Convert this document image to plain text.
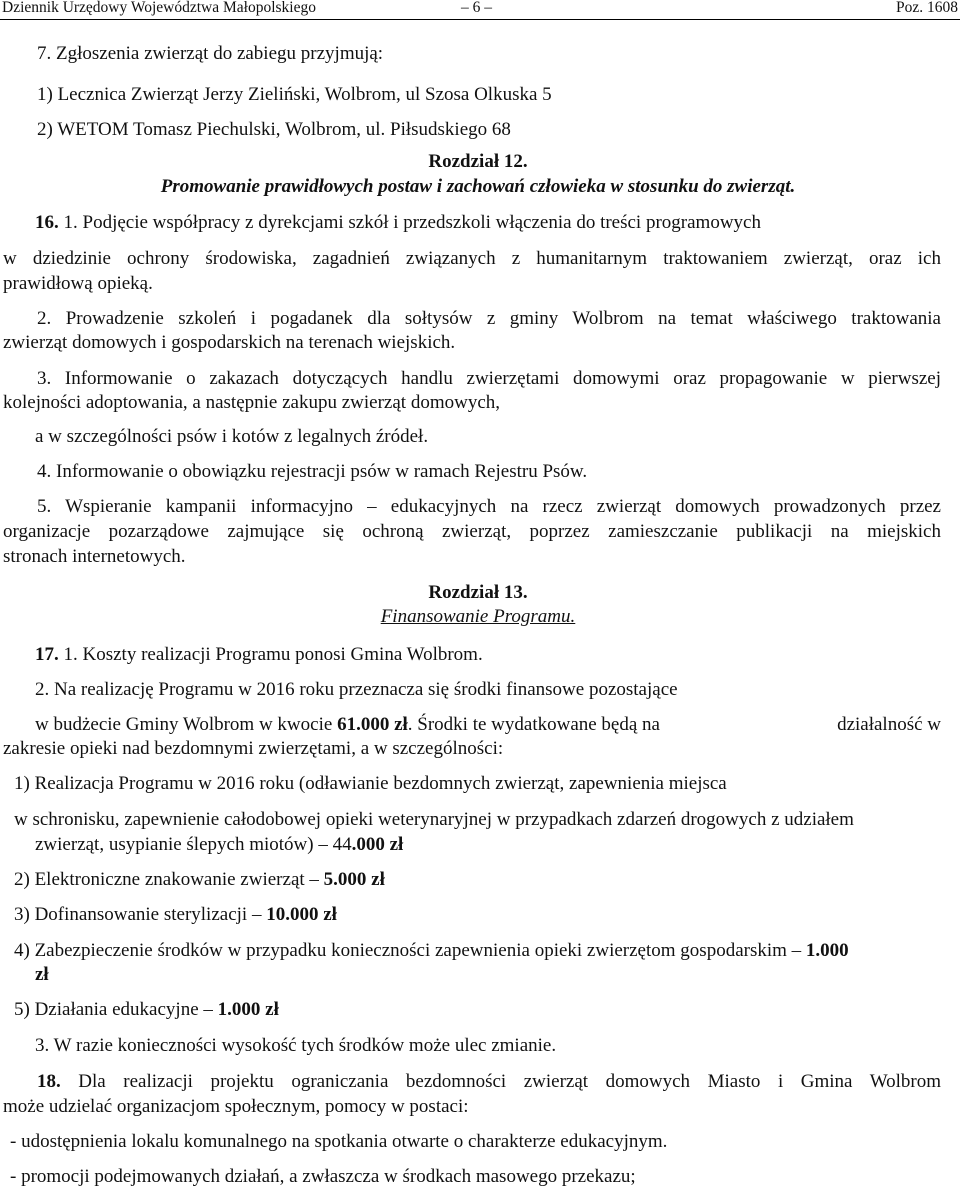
Dziennik Urzędowy Województwa Małopolskiego	– 6 –	Poz. 1608
7. Zgłoszenia zwierząt do zabiegu przyjmują:
1) Lecznica Zwierząt Jerzy Zieliński, Wolbrom, ul Szosa Olkuska 5
2) WETOM Tomasz Piechulski, Wolbrom, ul. Piłsudskiego 68
Rozdział 12.
Promowanie prawidłowych postaw i zachowań człowieka w stosunku do zwierząt.
16. 1. Podjęcie współpracy z dyrekcjami szkół i przedszkoli włączenia do treści programowych
w dziedzinie ochrony środowiska, zagadnień związanych z humanitarnym traktowaniem zwierząt, oraz ich
prawidłową opieką.
2. Prowadzenie szkoleń i pogadanek dla sołtysów z gminy Wolbrom na temat właściwego traktowania
zwierząt domowych i gospodarskich na terenach wiejskich.
3. Informowanie o zakazach dotyczących handlu zwierzętami domowymi oraz propagowanie w pierwszej
kolejności adoptowania, a następnie zakupu zwierząt domowych,
a w szczególności psów i kotów z legalnych źródeł.
4. Informowanie o obowiązku rejestracji psów w ramach Rejestru Psów.
5. Wspieranie kampanii informacyjno – edukacyjnych na rzecz zwierząt domowych prowadzonych przez
organizacje pozarządowe zajmujące się ochroną zwierząt, poprzez zamieszczanie publikacji na miejskich
stronach internetowych.
Rozdział 13.
Finansowanie Programu.
17. 1. Koszty realizacji Programu ponosi Gmina Wolbrom.
2. Na realizację Programu w 2016 roku przeznacza się środki finansowe pozostające
w budżecie Gminy Wolbrom w kwocie 61.000 zł. Środki te wydatkowane będą na	działalność w
zakresie opieki nad bezdomnymi zwierzętami, a w szczególności:
1) Realizacja Programu w 2016 roku (odławianie bezdomnych zwierząt, zapewnienia miejsca
w schronisku, zapewnienie całodobowej opieki weterynaryjnej w przypadkach zdarzeń drogowych z udziałem
zwierząt, usypianie ślepych miotów) – 44.000 zł
2) Elektroniczne znakowanie zwierząt – 5.000 zł
3) Dofinansowanie sterylizacji – 10.000 zł
4) Zabezpieczenie środków w przypadku konieczności zapewnienia opieki zwierzętom gospodarskim – 1.000
zł
5) Działania edukacyjne – 1.000 zł
3. W razie konieczności wysokość tych środków może ulec zmianie.
18. Dla realizacji projektu ograniczania bezdomności zwierząt domowych Miasto i Gmina Wolbrom
może udzielać organizacjom społecznym, pomocy w postaci:
- udostępnienia lokalu komunalnego na spotkania otwarte o charakterze edukacyjnym.
- promocji podejmowanych działań, a zwłaszcza w środkach masowego przekazu;
